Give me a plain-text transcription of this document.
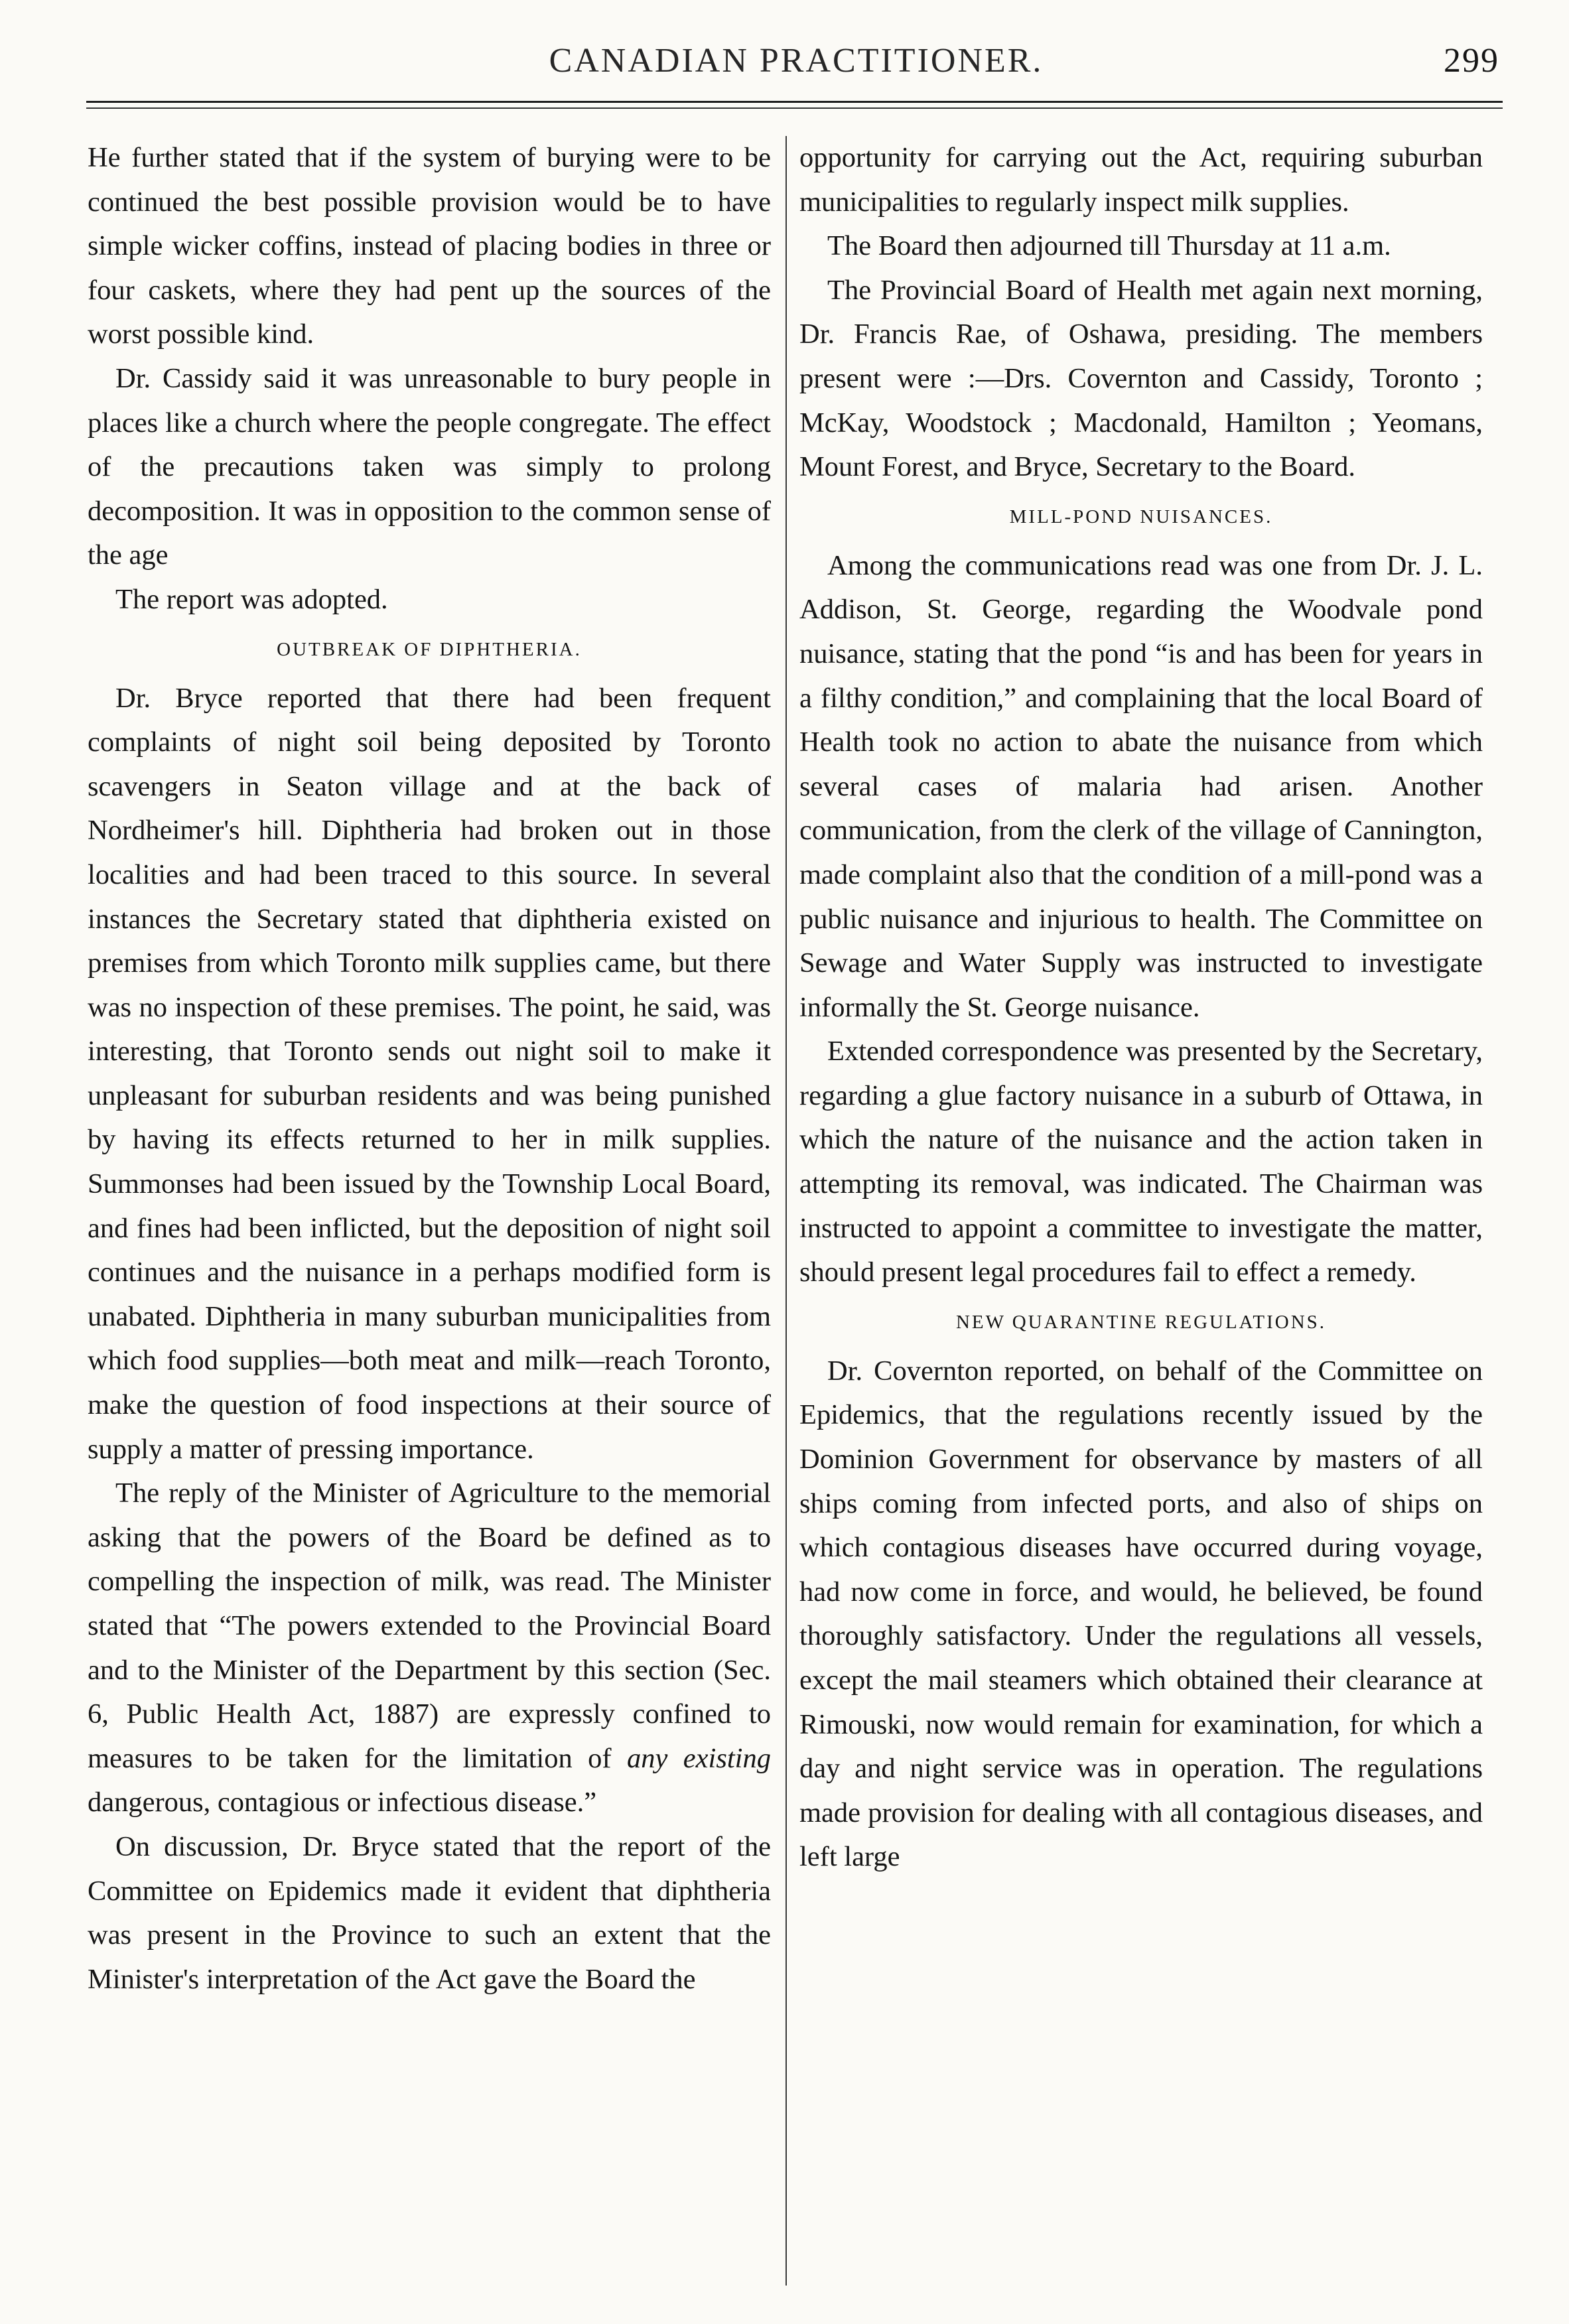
CANADIAN PRACTITIONER.	299

He further stated that if the system of burying were to be continued the best possible provision would be to have simple wicker coffins, instead of placing bodies in three or four caskets, where they had pent up the sources of the worst possible kind.

Dr. Cassidy said it was unreasonable to bury people in places like a church where the people congregate. The effect of the precautions taken was simply to prolong decomposition. It was in opposition to the common sense of the age

The report was adopted.

OUTBREAK OF DIPHTHERIA.

Dr. Bryce reported that there had been frequent complaints of night soil being deposited by Toronto scavengers in Seaton village and at the back of Nordheimer's hill. Diphtheria had broken out in those localities and had been traced to this source. In several instances the Secretary stated that diphtheria existed on premises from which Toronto milk supplies came, but there was no inspection of these premises. The point, he said, was interesting, that Toronto sends out night soil to make it unpleasant for suburban residents and was being punished by having its effects returned to her in milk supplies. Summonses had been issued by the Township Local Board, and fines had been inflicted, but the deposition of night soil continues and the nuisance in a perhaps modified form is unabated. Diphtheria in many suburban municipalities from which food supplies—both meat and milk—reach Toronto, make the question of food inspections at their source of supply a matter of pressing importance.

The reply of the Minister of Agriculture to the memorial asking that the powers of the Board be defined as to compelling the inspection of milk, was read. The Minister stated that “The powers extended to the Provincial Board and to the Minister of the Department by this section (Sec. 6, Public Health Act, 1887) are expressly confined to measures to be taken for the limitation of any existing dangerous, contagious or infectious disease.”

On discussion, Dr. Bryce stated that the report of the Committee on Epidemics made it evident that diphtheria was present in the Province to such an extent that the Minister's interpretation of the Act gave the Board the

opportunity for carrying out the Act, requiring suburban municipalities to regularly inspect milk supplies.

The Board then adjourned till Thursday at 11 a.m.

The Provincial Board of Health met again next morning, Dr. Francis Rae, of Oshawa, presiding. The members present were :—Drs. Covernton and Cassidy, Toronto ; McKay, Woodstock ; Macdonald, Hamilton ; Yeomans, Mount Forest, and Bryce, Secretary to the Board.

MILL-POND NUISANCES.

Among the communications read was one from Dr. J. L. Addison, St. George, regarding the Woodvale pond nuisance, stating that the pond “is and has been for years in a filthy condition,” and complaining that the local Board of Health took no action to abate the nuisance from which several cases of malaria had arisen. Another communication, from the clerk of the village of Cannington, made complaint also that the condition of a mill-pond was a public nuisance and injurious to health. The Committee on Sewage and Water Supply was instructed to investigate informally the St. George nuisance.

Extended correspondence was presented by the Secretary, regarding a glue factory nuisance in a suburb of Ottawa, in which the nature of the nuisance and the action taken in attempting its removal, was indicated. The Chairman was instructed to appoint a committee to investigate the matter, should present legal procedures fail to effect a remedy.

NEW QUARANTINE REGULATIONS.

Dr. Covernton reported, on behalf of the Committee on Epidemics, that the regulations recently issued by the Dominion Government for observance by masters of all ships coming from infected ports, and also of ships on which contagious diseases have occurred during voyage, had now come in force, and would, he believed, be found thoroughly satisfactory. Under the regulations all vessels, except the mail steamers which obtained their clearance at Rimouski, now would remain for examination, for which a day and night service was in operation. The regulations made provision for dealing with all contagious diseases, and left large
